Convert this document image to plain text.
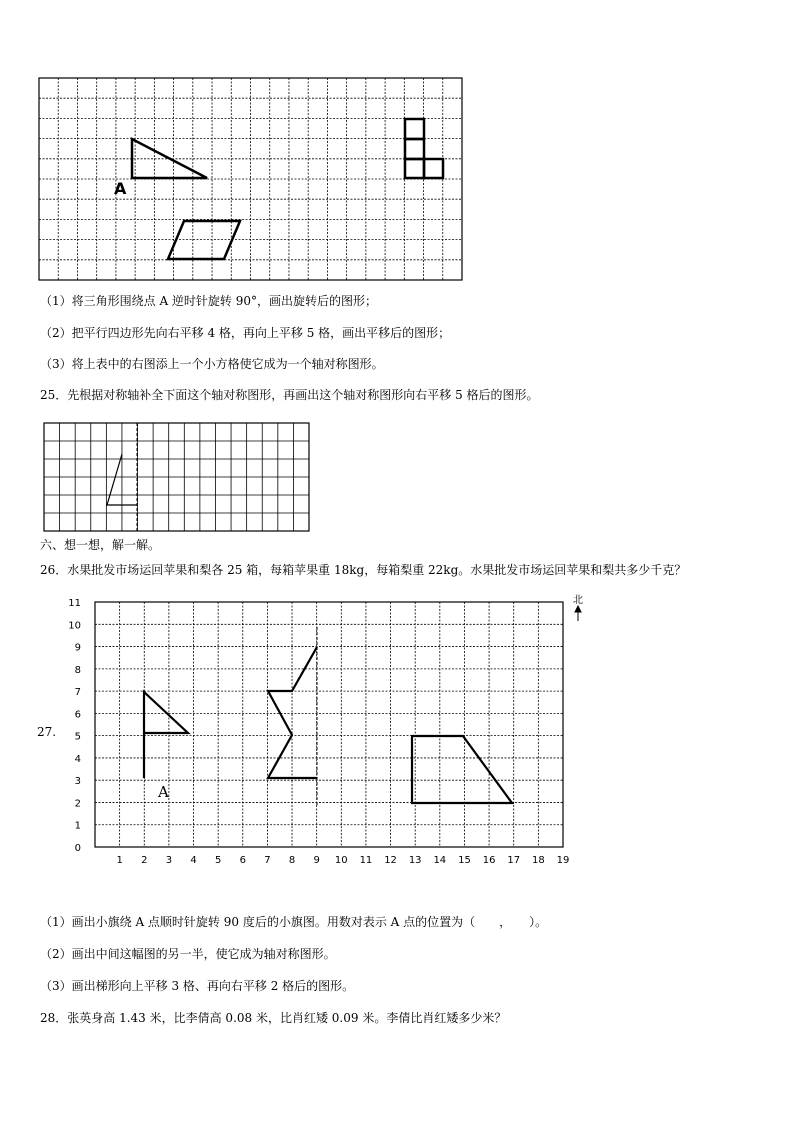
A
（1）将三角形围绕点 A 逆时针旋转 90°，画出旋转后的图形；
（2）把平行四边形先向右平移 4 格，再向上平移 5 格，画出平移后的图形；
（3）将上表中的右图添上一个小方格使它成为一个轴对称图形。
25．先根据对称轴补全下面这个轴对称图形，再画出这个轴对称图形向右平移 5 格后的图形。
六、想一想，解一解。
26．水果批发市场运回苹果和梨各 25 箱，每箱苹果重 18kg，每箱梨重 22kg。水果批发市场运回苹果和梨共多少千克？
1 2 3 4 5 6 7 8 9 10 11 12 13 14 15 16 17 18 19
0
1
2
3
4
5
6
7
8
9
10
11
A
27.
北
（1）画出小旗绕 A 点顺时针旋转 90 度后的小旗图。用数对表示 A 点的位置为（　　，　　）。
（2）画出中间这幅图的另一半，使它成为轴对称图形。
（3）画出梯形向上平移 3 格、再向右平移 2 格后的图形。
28．张英身高 1.43 米，比李倩高 0.08 米，比肖红矮 0.09 米。李倩比肖红矮多少米？
